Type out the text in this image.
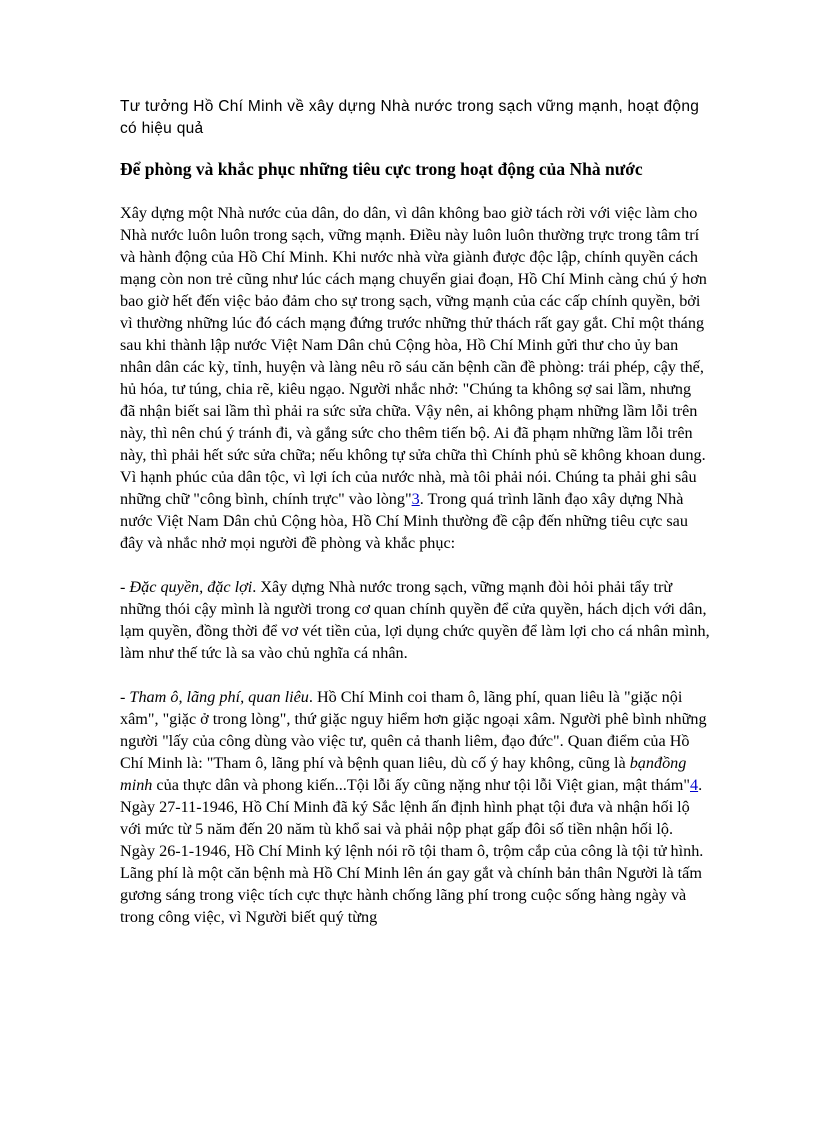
Tư tưởng Hồ Chí Minh về xây dựng Nhà nước trong sạch vững mạnh, hoạt động có hiệu quả
Để phòng và khắc phục những tiêu cực trong hoạt động của Nhà nước

Xây dựng một Nhà nước của dân, do dân, vì dân không bao giờ tách rời với việc làm cho Nhà nước luôn luôn trong sạch, vững mạnh. Điều này luôn luôn thường trực trong tâm trí và hành động của Hồ Chí Minh. Khi nước nhà vừa giành được độc lập, chính quyền cách mạng còn non trẻ cũng như lúc cách mạng chuyển giai đoạn, Hồ Chí Minh càng chú ý hơn bao giờ hết đến việc bảo đảm cho sự trong sạch, vững mạnh của các cấp chính quyền, bởi vì thường những lúc đó cách mạng đứng trước những thử thách rất gay gắt. Chỉ một tháng sau khi thành lập nước Việt Nam Dân chủ Cộng hòa, Hồ Chí Minh gửi thư cho ủy ban nhân dân các kỳ, tỉnh, huyện và làng nêu rõ sáu căn bệnh cần đề phòng: trái phép, cậy thế, hủ hóa, tư túng, chia rẽ, kiêu ngạo. Người nhắc nhở: "Chúng ta không sợ sai lầm, nhưng đã nhận biết sai lầm thì phải ra sức sửa chữa. Vậy nên, ai không phạm những lầm lỗi trên này, thì nên chú ý tránh đi, và gắng sức cho thêm tiến bộ. Ai đã phạm những lầm lỗi trên này, thì phải hết sức sửa chữa; nếu không tự sửa chữa thì Chính phủ sẽ không khoan dung. Vì hạnh phúc của dân tộc, vì lợi ích của nước nhà, mà tôi phải nói. Chúng ta phải ghi sâu những chữ "công bình, chính trực" vào lòng"3. Trong quá trình lãnh đạo xây dựng Nhà nước Việt Nam Dân chủ Cộng hòa, Hồ Chí Minh thường đề cập đến những tiêu cực sau đây và nhắc nhở mọi người đề phòng và khắc phục:

- Đặc quyền, đặc lợi. Xây dựng Nhà nước trong sạch, vững mạnh đòi hỏi phải tẩy trừ những thói cậy mình là người trong cơ quan chính quyền để cửa quyền, hách dịch với dân, lạm quyền, đồng thời để vơ vét tiền của, lợi dụng chức quyền để làm lợi cho cá nhân mình, làm như thế tức là sa vào chủ nghĩa cá nhân.

- Tham ô, lãng phí, quan liêu. Hồ Chí Minh coi tham ô, lãng phí, quan liêu là "giặc nội xâm", "giặc ở trong lòng", thứ giặc nguy hiểm hơn giặc ngoại xâm. Người phê bình những người "lấy của công dùng vào việc tư, quên cả thanh liêm, đạo đức". Quan điểm của Hồ Chí Minh là: "Tham ô, lãng phí và bệnh quan liêu, dù cố ý hay không, cũng là bạnđồng minh của thực dân và phong kiến...Tội lỗi ấy cũng nặng như tội lỗi Việt gian, mật thám"4. Ngày 27-11-1946, Hồ Chí Minh đã ký Sắc lệnh ấn định hình phạt tội đưa và nhận hối lộ với mức từ 5 năm đến 20 năm tù khổ sai và phải nộp phạt gấp đôi số tiền nhận hối lộ. Ngày 26-1-1946, Hồ Chí Minh ký lệnh nói rõ tội tham ô, trộm cắp của công là tội tử hình. Lãng phí là một căn bệnh mà Hồ Chí Minh lên án gay gắt và chính bản thân Người là tấm gương sáng trong việc tích cực thực hành chống lãng phí trong cuộc sống hàng ngày và trong công việc, vì Người biết quý từng
